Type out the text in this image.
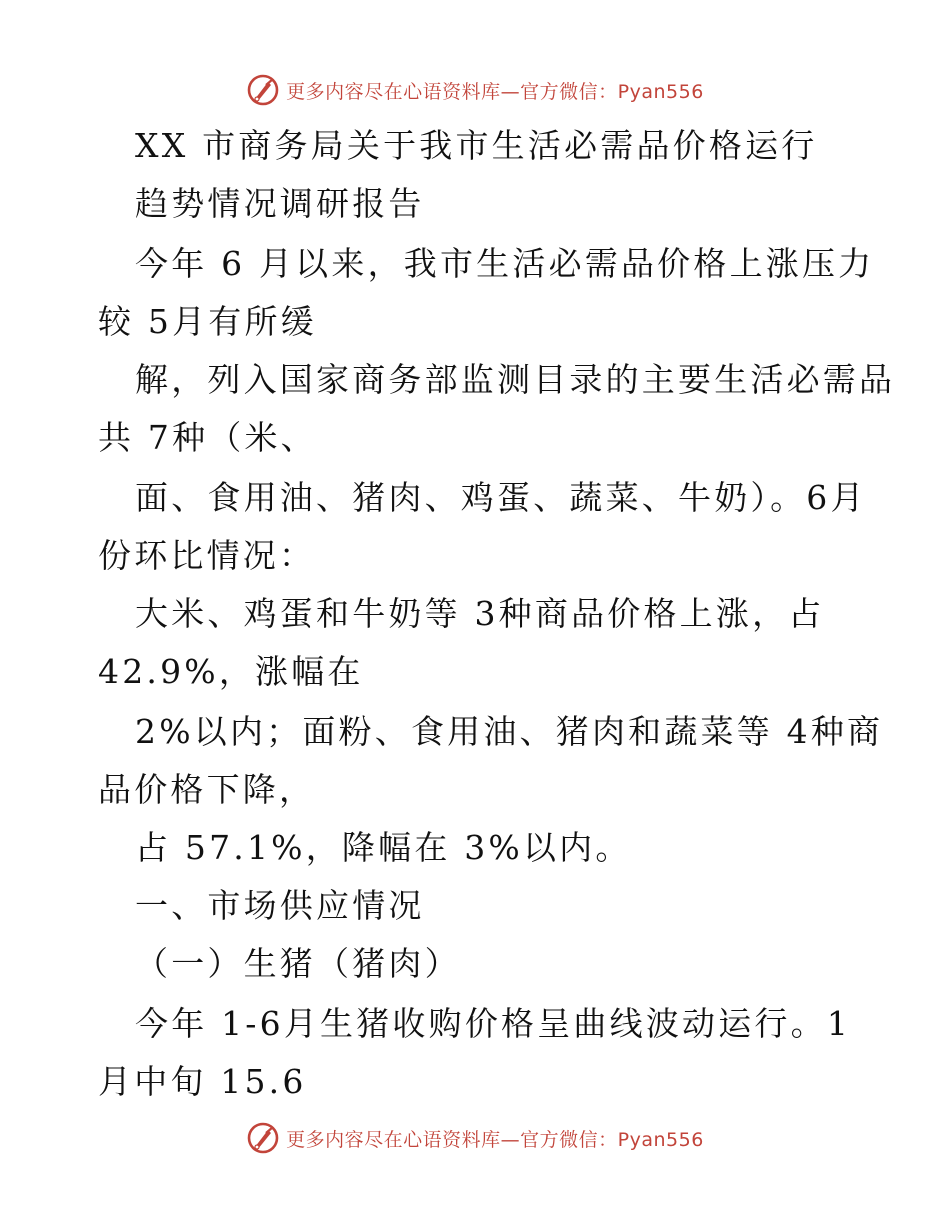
更多内容尽在心语资料库—官方微信：Pyan556
XX 市商务局关于我市生活必需品价格运行
趋势情况调研报告
今年 6 月以来，我市生活必需品价格上涨压力
较 5月有所缓
解，列入国家商务部监测目录的主要生活必需品
共 7种（米、
面、食用油、猪肉、鸡蛋、蔬菜、牛奶）。6月
份环比情况：
大米、鸡蛋和牛奶等 3种商品价格上涨，占
42.9%，涨幅在
2%以内；面粉、食用油、猪肉和蔬菜等 4种商
品价格下降，
占 57.1%，降幅在 3%以内。
一、市场供应情况
（一）生猪（猪肉）
今年 1-6月生猪收购价格呈曲线波动运行。1
月中旬 15.6
更多内容尽在心语资料库—官方微信：Pyan556
